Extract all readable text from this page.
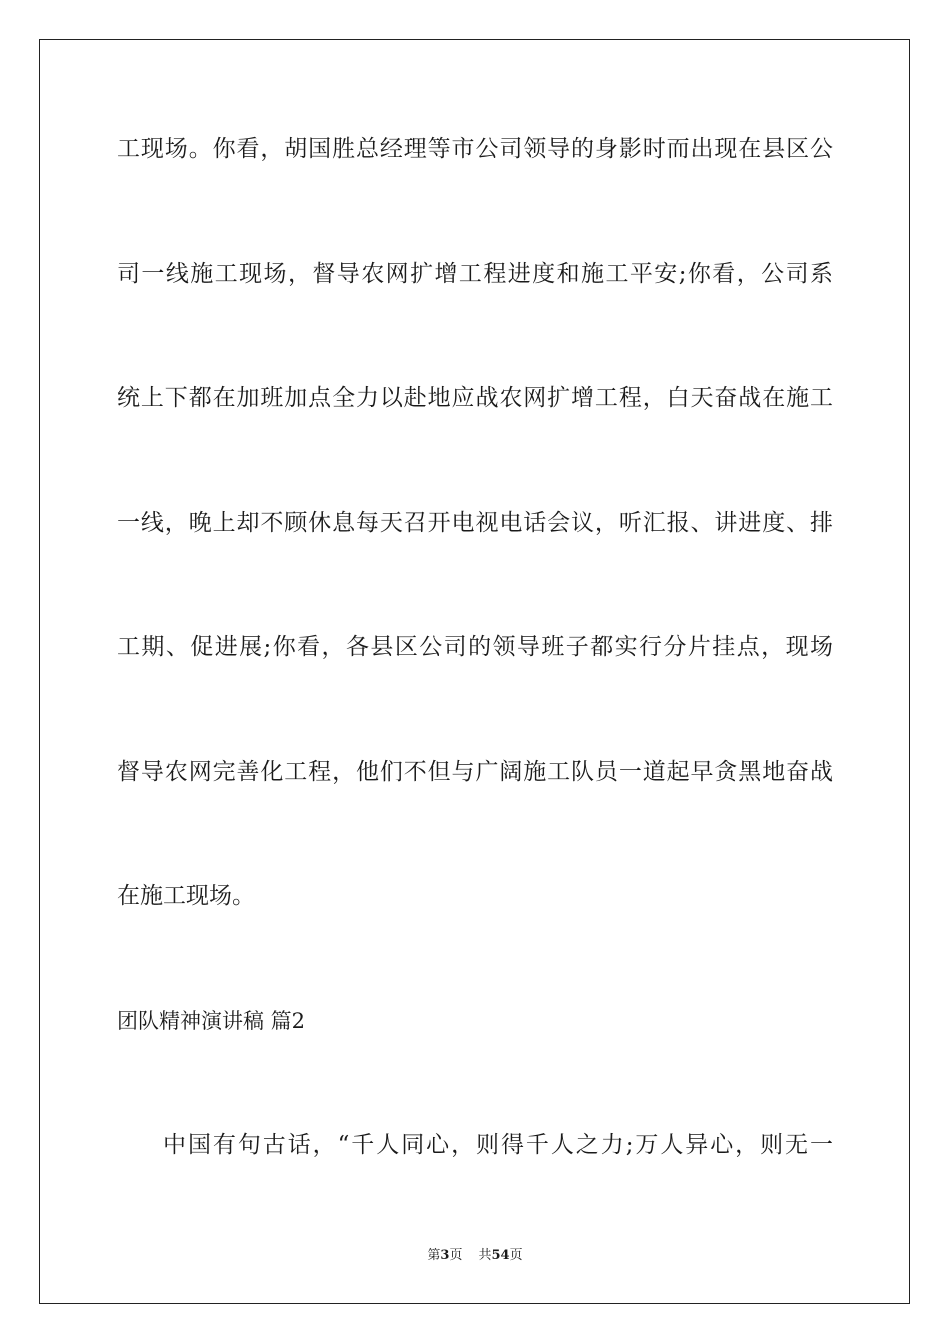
工现场。你看，胡国胜总经理等市公司领导的身影时而出现在县区公
司一线施工现场，督导农网扩增工程进度和施工平安;你看，公司系
统上下都在加班加点全力以赴地应战农网扩增工程，白天奋战在施工
一线，晚上却不顾休息每天召开电视电话会议，听汇报、讲进度、排
工期、促进展;你看，各县区公司的领导班子都实行分片挂点，现场
督导农网完善化工程，他们不但与广阔施工队员一道起早贪黑地奋战
在施工现场。
团队精神演讲稿 篇2
中国有句古话，“千人同心，则得千人之力;万人异心，则无一
第3页 共54页
